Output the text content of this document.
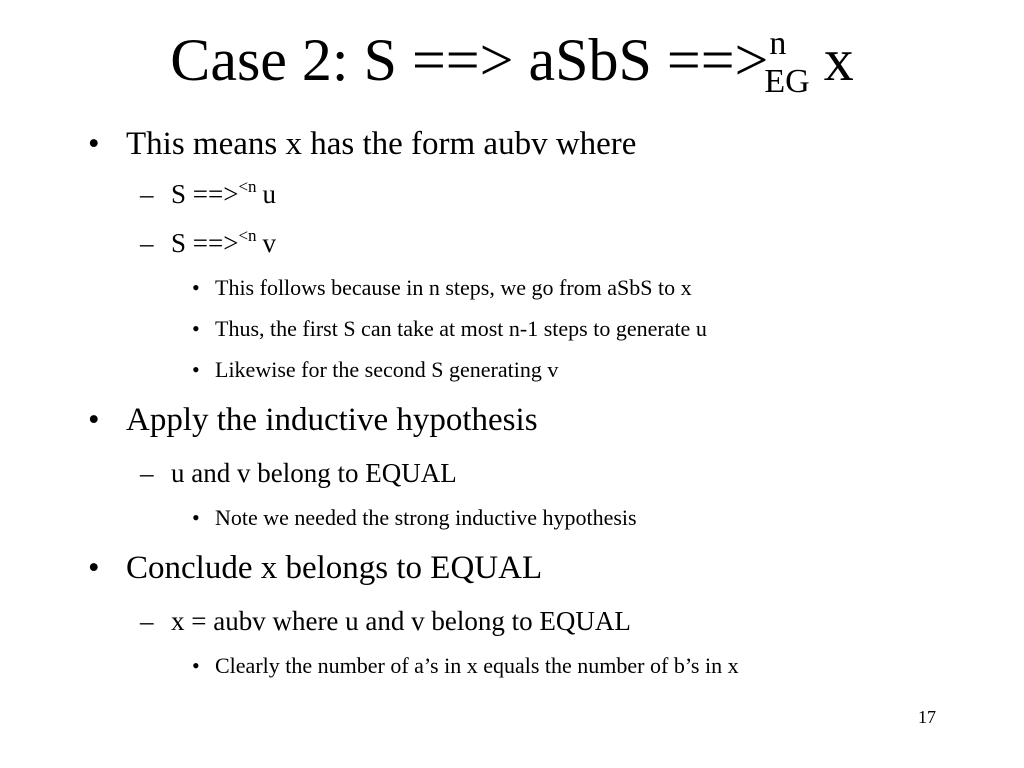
Case 2: S ==> aSbS ==>$^n_{EG}$ x
• This means x has the form aubv where
– S ==>$^{<n}$ u
– S ==>$^{<n}$ v
• This follows because in n steps, we go from aSbS to x
• Thus, the first S can take at most n-1 steps to generate u
• Likewise for the second S generating v
• Apply the inductive hypothesis
– u and v belong to EQUAL
• Note we needed the strong inductive hypothesis
• Conclude x belongs to EQUAL
– x = aubv where u and v belong to EQUAL
• Clearly the number of a’s in x equals the number of b’s in x
17
